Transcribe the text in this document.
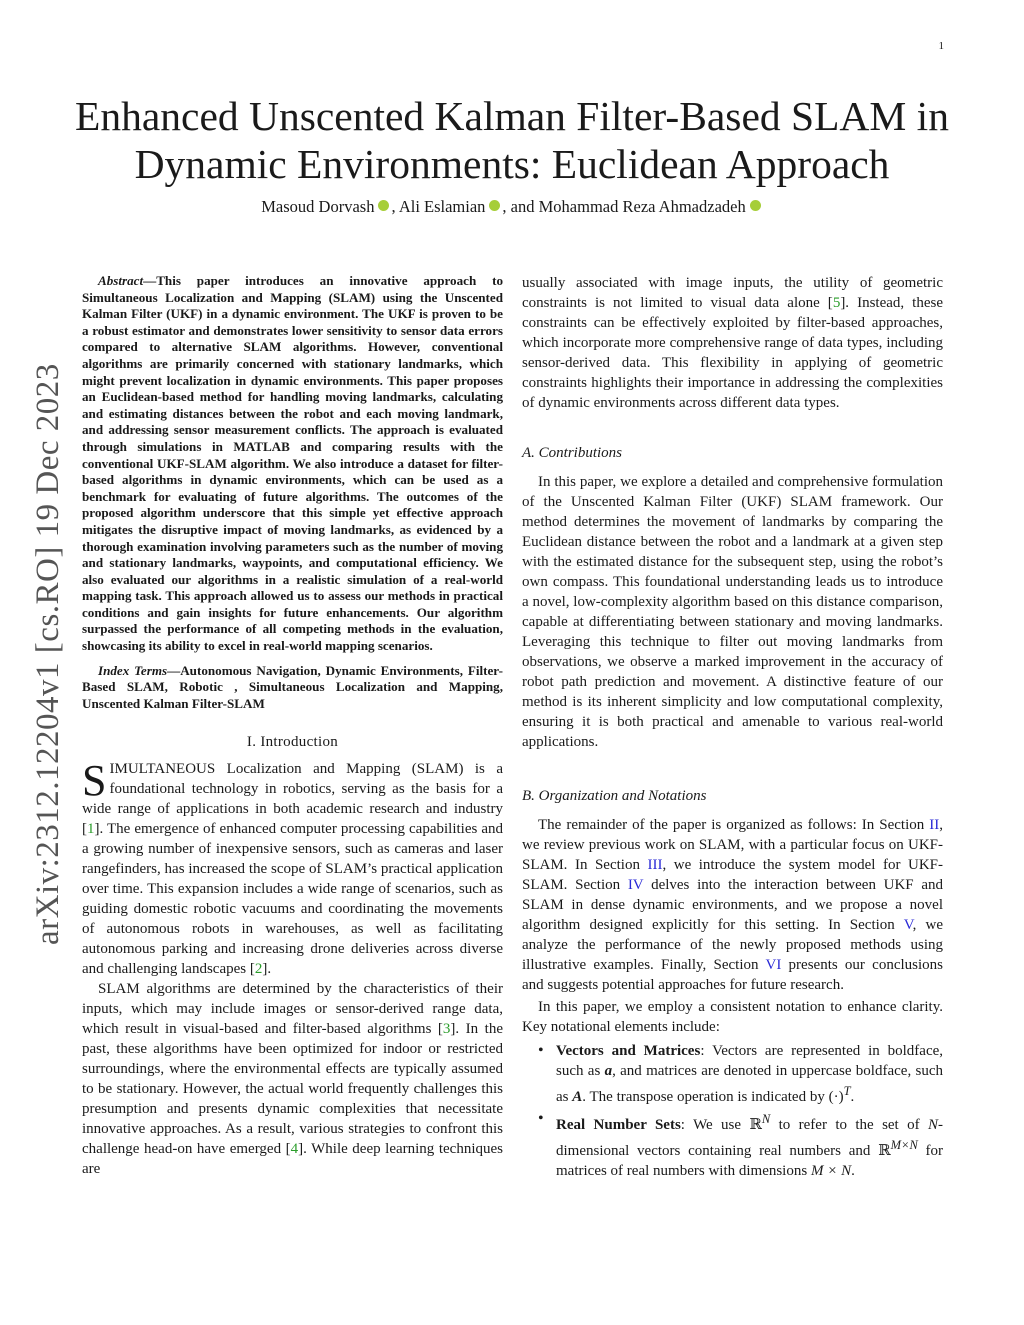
1
arXiv:2312.12204v1 [cs.RO] 19 Dec 2023
Enhanced Unscented Kalman Filter-Based SLAM in
Dynamic Environments: Euclidean Approach
Masoud Dorvash , Ali Eslamian , and Mohammad Reza Ahmadzadeh

Abstract—This paper introduces an innovative approach to Simultaneous Localization and Mapping (SLAM) using the Unscented Kalman Filter (UKF) in a dynamic environment. The UKF is proven to be a robust estimator and demonstrates lower sensitivity to sensor data errors compared to alternative SLAM algorithms. However, conventional algorithms are primarily concerned with stationary landmarks, which might prevent localization in dynamic environments. This paper proposes an Euclidean-based method for handling moving landmarks, calculating and estimating distances between the robot and each moving landmark, and addressing sensor measurement conflicts. The approach is evaluated through simulations in MATLAB and comparing results with the conventional UKF-SLAM algorithm. We also introduce a dataset for filter-based algorithms in dynamic environments, which can be used as a benchmark for evaluating of future algorithms. The outcomes of the proposed algorithm underscore that this simple yet effective approach mitigates the disruptive impact of moving landmarks, as evidenced by a thorough examination involving parameters such as the number of moving and stationary landmarks, waypoints, and computational efficiency. We also evaluated our algorithms in a realistic simulation of a real-world mapping task. This approach allowed us to assess our methods in practical conditions and gain insights for future enhancements. Our algorithm surpassed the performance of all competing methods in the evaluation, showcasing its ability to excel in real-world mapping scenarios.

Index Terms—Autonomous Navigation, Dynamic Environments, Filter-Based SLAM, Robotic , Simultaneous Localization and Mapping, Unscented Kalman Filter-SLAM

I. Introduction

SIMULTANEOUS Localization and Mapping (SLAM) is a foundational technology in robotics, serving as the basis for a wide range of applications in both academic research and industry [1]. The emergence of enhanced computer processing capabilities and a growing number of inexpensive sensors, such as cameras and laser rangefinders, has increased the scope of SLAM’s practical application over time. This expansion includes a wide range of scenarios, such as guiding domestic robotic vacuums and coordinating the movements of autonomous robots in warehouses, as well as facilitating autonomous parking and increasing drone deliveries across diverse and challenging landscapes [2].

SLAM algorithms are determined by the characteristics of their inputs, which may include images or sensor-derived range data, which result in visual-based and filter-based algorithms [3]. In the past, these algorithms have been optimized for indoor or restricted surroundings, where the environmental effects are typically assumed to be stationary. However, the actual world frequently challenges this presumption and presents dynamic complexities that necessitate innovative approaches. As a result, various strategies to confront this challenge head-on have emerged [4]. While deep learning techniques are

usually associated with image inputs, the utility of geometric constraints is not limited to visual data alone [5]. Instead, these constraints can be effectively exploited by filter-based approaches, which incorporate more comprehensive range of data types, including sensor-derived data. This flexibility in applying of geometric constraints highlights their importance in addressing the complexities of dynamic environments across different data types.

A. Contributions

In this paper, we explore a detailed and comprehensive formulation of the Unscented Kalman Filter (UKF) SLAM framework. Our method determines the movement of landmarks by comparing the Euclidean distance between the robot and a landmark at a given step with the estimated distance for the subsequent step, using the robot’s own compass. This foundational understanding leads us to introduce a novel, low-complexity algorithm based on this distance comparison, capable at differentiating between stationary and moving landmarks. Leveraging this technique to filter out moving landmarks from observations, we observe a marked improvement in the accuracy of robot path prediction and movement. A distinctive feature of our method is its inherent simplicity and low computational complexity, ensuring it is both practical and amenable to various real-world applications.

B. Organization and Notations

The remainder of the paper is organized as follows: In Section II, we review previous work on SLAM, with a particular focus on UKF-SLAM. In Section III, we introduce the system model for UKF-SLAM. Section IV delves into the interaction between UKF and SLAM in dense dynamic environments, and we propose a novel algorithm designed explicitly for this setting. In Section V, we analyze the performance of the newly proposed methods using illustrative examples. Finally, Section VI presents our conclusions and suggests potential approaches for future research.

In this paper, we employ a consistent notation to enhance clarity. Key notational elements include:

• Vectors and Matrices: Vectors are represented in boldface, such as a, and matrices are denoted in uppercase boldface, such as A. The transpose operation is indicated by $(\cdot)^T$.
• Real Number Sets: We use ℝ$^N$ to refer to the set of N-dimensional vectors containing real numbers and ℝ$^{M\times N}$ for matrices of real numbers with dimensions M × N.
